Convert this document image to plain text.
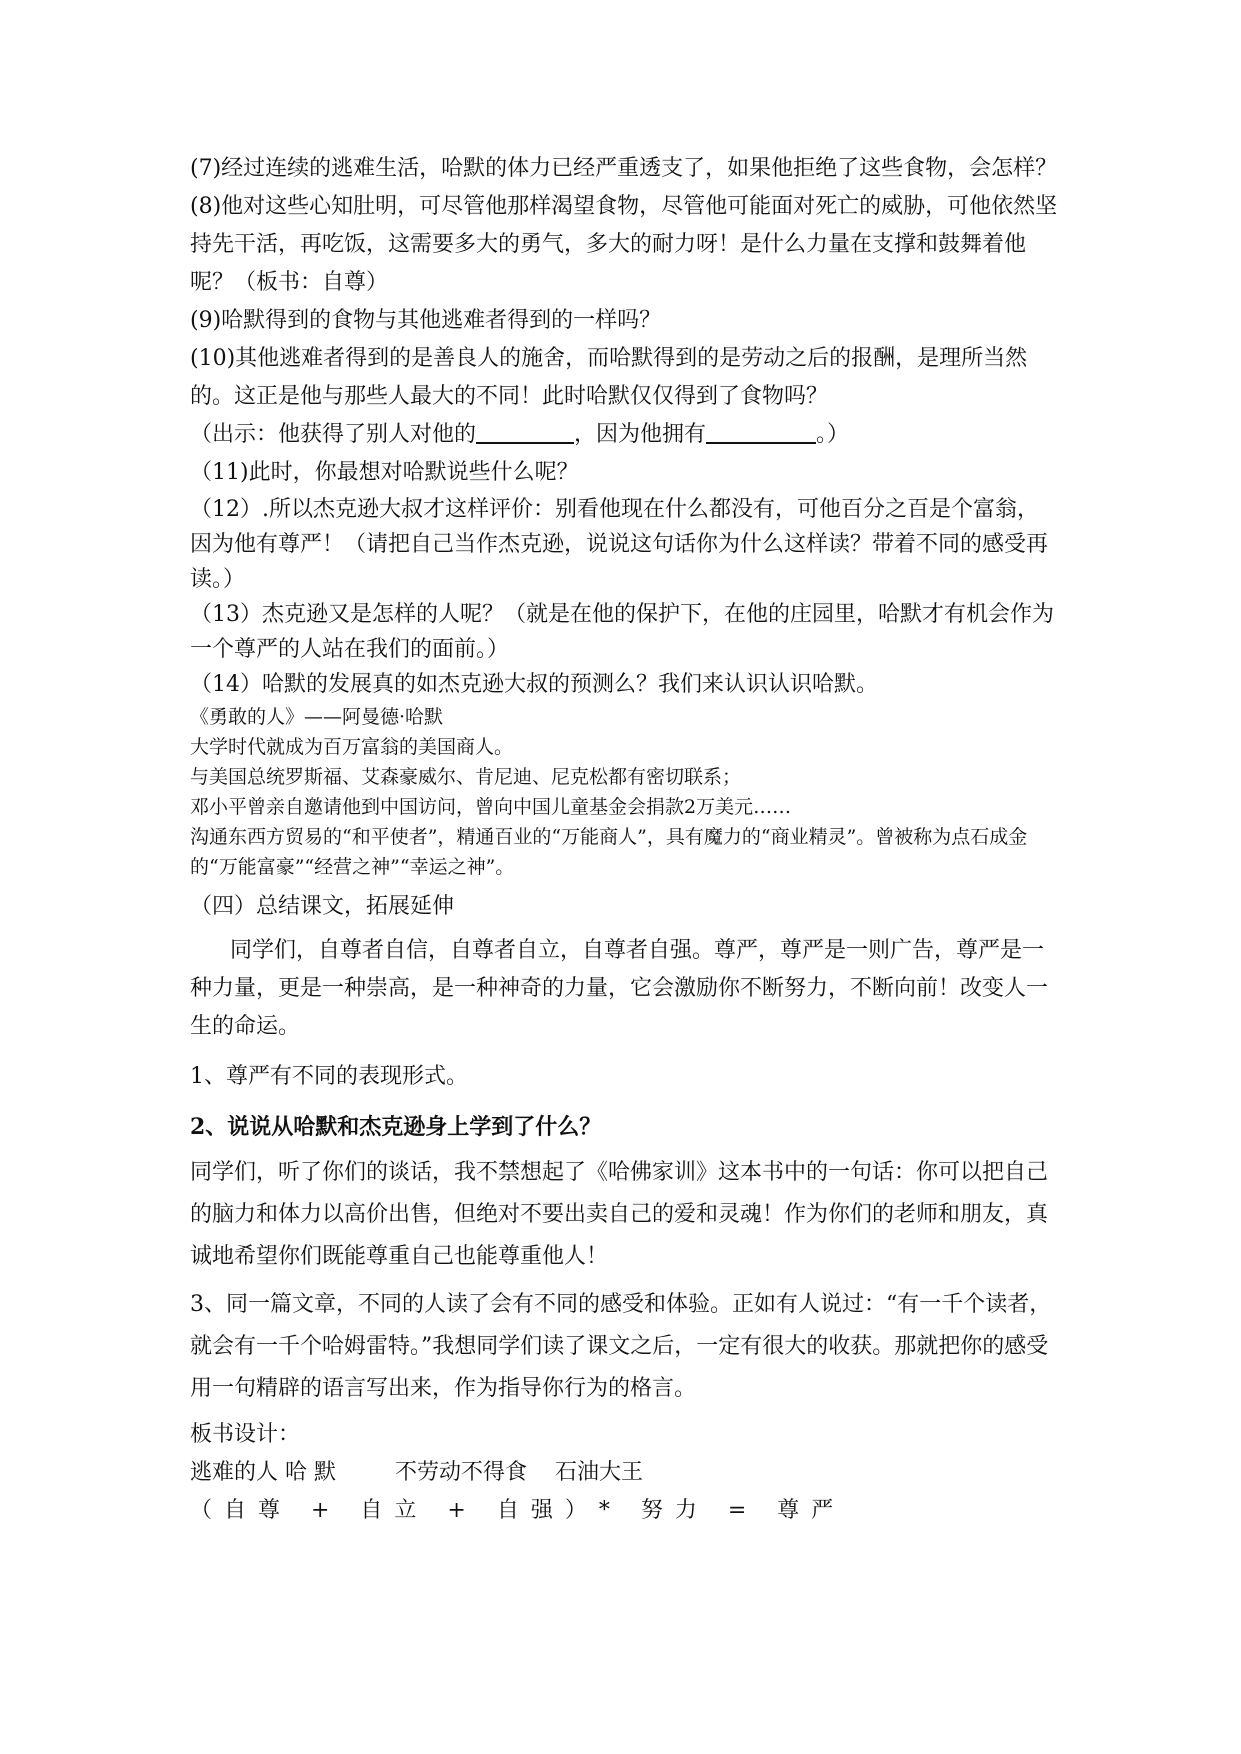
(7)经过连续的逃难生活，哈默的体力已经严重透支了，如果他拒绝了这些食物，会怎样？

(8)他对这些心知肚明，可尽管他那样渴望食物，尽管他可能面对死亡的威胁，可他依然坚持先干活，再吃饭，这需要多大的勇气，多大的耐力呀！是什么力量在支撑和鼓舞着他呢？（板书：自尊）

(9)哈默得到的食物与其他逃难者得到的一样吗？

(10)其他逃难者得到的是善良人的施舍，而哈默得到的是劳动之后的报酬，是理所当然的。这正是他与那些人最大的不同！此时哈默仅仅得到了食物吗？

（出示：他获得了别人对他的	，因为他拥有	。）

（11)此时，你最想对哈默说些什么呢？

（12）.所以杰克逊大叔才这样评价：别看他现在什么都没有，可他百分之百是个富翁，因为他有尊严！（请把自己当作杰克逊，说说这句话你为什么这样读？带着不同的感受再读。）

（13）杰克逊又是怎样的人呢？（就是在他的保护下，在他的庄园里，哈默才有机会作为一个尊严的人站在我们的面前。）

（14）哈默的发展真的如杰克逊大叔的预测么？我们来认识认识哈默。

《勇敢的人》——阿曼德·哈默

大学时代就成为百万富翁的美国商人。

与美国总统罗斯福、艾森豪威尔、肯尼迪、尼克松都有密切联系；

邓小平曾亲自邀请他到中国访问，曾向中国儿童基金会捐款2万美元……

沟通东西方贸易的“和平使者”，精通百业的“万能商人”，具有魔力的“商业精灵”。曾被称为点石成金的“万能富豪”“经营之神”“幸运之神”。

（四）总结课文，拓展延伸

同学们，自尊者自信，自尊者自立，自尊者自强。尊严，尊严是一则广告，尊严是一种力量，更是一种崇高，是一种神奇的力量，它会激励你不断努力，不断向前！改变人一生的命运。

1、尊严有不同的表现形式。

2、说说从哈默和杰克逊身上学到了什么？

同学们，听了你们的谈话，我不禁想起了《哈佛家训》这本书中的一句话：你可以把自己的脑力和体力以高价出售，但绝对不要出卖自己的爱和灵魂！作为你们的老师和朋友，真诚地希望你们既能尊重自己也能尊重他人！

3、同一篇文章，不同的人读了会有不同的感受和体验。正如有人说过：“有一千个读者，就会有一千个哈姆雷特。”我想同学们读了课文之后，一定有很大的收获。那就把你的感受用一句精辟的语言写出来，作为指导你行为的格言。

板书设计：

逃难的人 哈 默	不劳动不得食 石油大王

（自尊 + 自立 + 自强）* 努力 = 尊严
